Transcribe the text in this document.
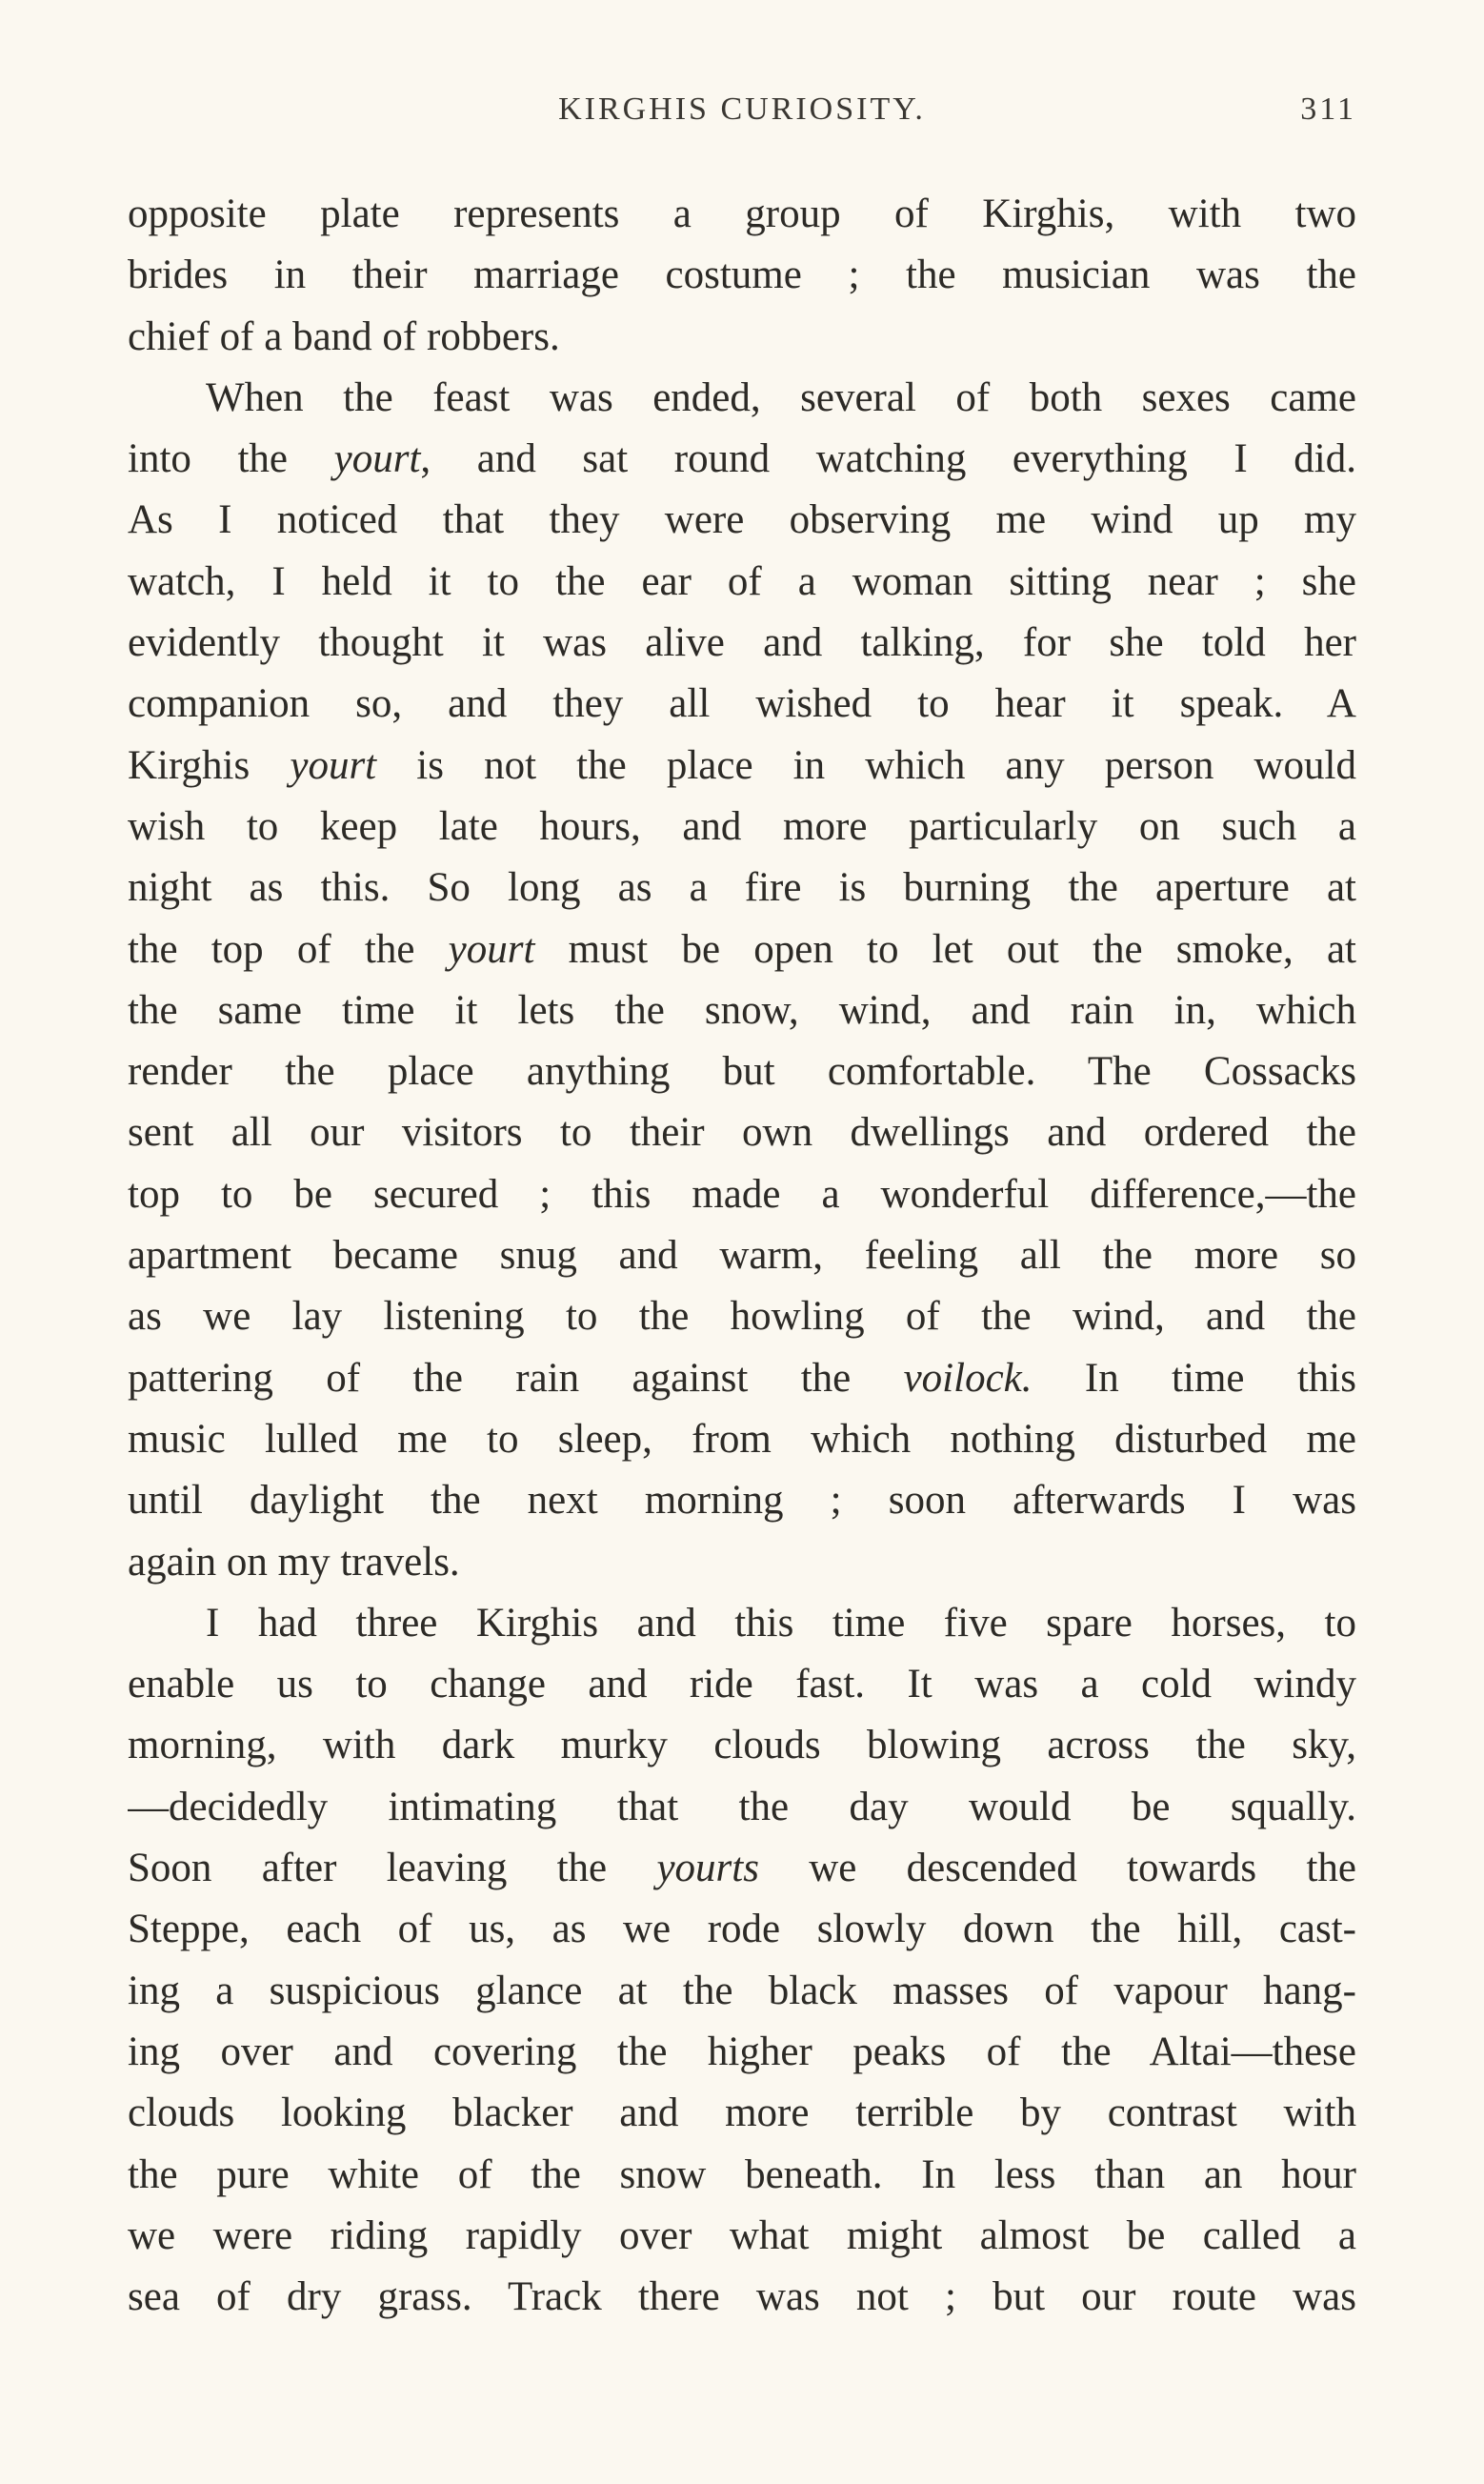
KIRGHIS CURIOSITY.	311
opposite plate represents a group of Kirghis, with two
brides in their marriage costume ; the musician was the
chief of a band of robbers.
When the feast was ended, several of both sexes came
into the yourt, and sat round watching everything I did.
As I noticed that they were observing me wind up my
watch, I held it to the ear of a woman sitting near ; she
evidently thought it was alive and talking, for she told her
companion so, and they all wished to hear it speak. A
Kirghis yourt is not the place in which any person would
wish to keep late hours, and more particularly on such a
night as this. So long as a fire is burning the aperture at
the top of the yourt must be open to let out the smoke, at
the same time it lets the snow, wind, and rain in, which
render the place anything but comfortable. The Cossacks
sent all our visitors to their own dwellings and ordered the
top to be secured ; this made a wonderful difference,—the
apartment became snug and warm, feeling all the more so
as we lay listening to the howling of the wind, and the
pattering of the rain against the voilock. In time this
music lulled me to sleep, from which nothing disturbed me
until daylight the next morning ; soon afterwards I was
again on my travels.
I had three Kirghis and this time five spare horses, to
enable us to change and ride fast. It was a cold windy
morning, with dark murky clouds blowing across the sky,
—decidedly intimating that the day would be squally.
Soon after leaving the yourts we descended towards the
Steppe, each of us, as we rode slowly down the hill, cast-
ing a suspicious glance at the black masses of vapour hang-
ing over and covering the higher peaks of the Altai—these
clouds looking blacker and more terrible by contrast with
the pure white of the snow beneath. In less than an hour
we were riding rapidly over what might almost be called a
sea of dry grass. Track there was not ; but our route was
